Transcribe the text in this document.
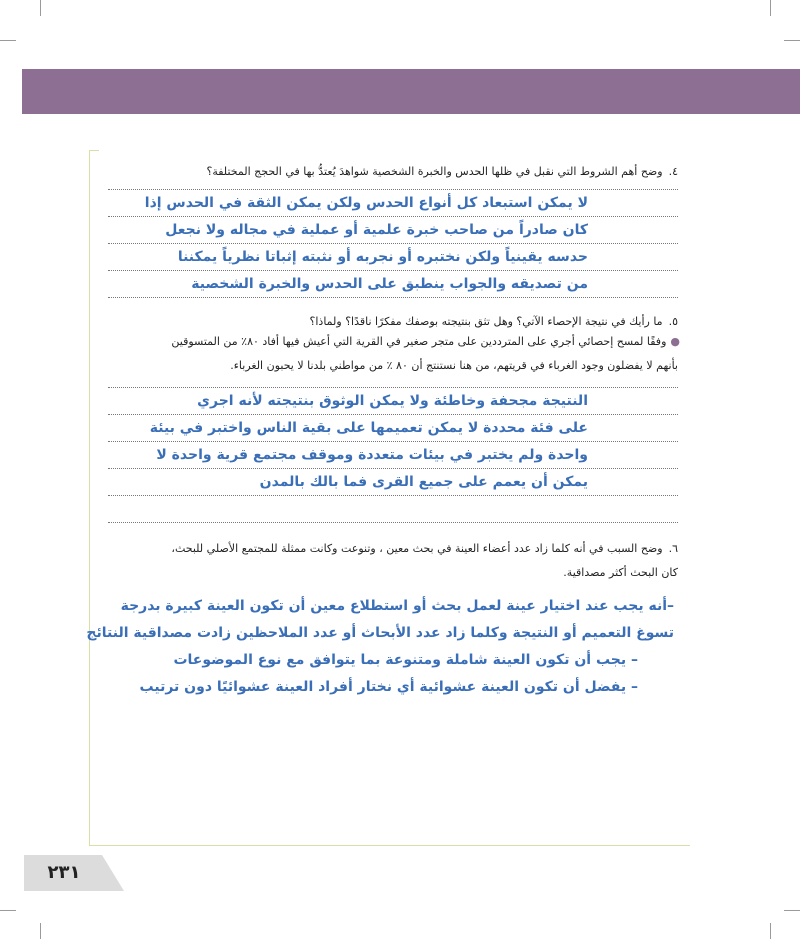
٤.وضح أهم الشروط التي نقبل في ظلها الحدس والخبرة الشخصية شواهدَ يُعتدُّ بها في الحجج المختلفة؟

لا يمكن استبعاد كل أنواع الحدس ولكن يمكن الثقة في الحدس إذا
كان صادراً من صاحب خبرة علمية أو عملية في مجاله ولا نجعل
حدسه يقينياً ولكن نختبره أو نجربه أو نثبته إثباتا نظرياً يمكننا
من تصديقه والجواب ينطبق على الحدس والخبرة الشخصية

٥.ما رأيك في نتيجة الإحصاء الآتي؟ وهل تثق بنتيجته بوصفك مفكرًا ناقدًا؟ ولماذا؟

●وفقًا لمسح إحصائي أجري على المترددين على متجر صغير في القرية التي أعيش فيها أفاد ٨٠٪ من المتسوقين

بأنهم لا يفضلون وجود الغرباء في قريتهم، من هنا نستنتج أن ٨٠ ٪ من مواطني بلدنا لا يحبون الغرباء.

النتيجة مجحفة وخاطئة ولا يمكن الوثوق بنتيجته لأنه اجري
على فئة محددة لا يمكن تعميمها على بقية الناس واختبر في بيئة
واحدة ولم يختبر في بيئات متعددة وموقف مجتمع قرية واحدة لا
يمكن أن يعمم على جميع القرى فما بالك بالمدن

٦.وضح السبب في أنه كلما زاد عدد أعضاء العينة في بحث معين ، وتنوعت وكانت ممثلة للمجتمع الأصلي للبحث،

كان البحث أكثر مصداقية.

–أنه يجب عند اختيار عينة لعمل بحث أو استطلاع معين أن تكون العينة كبيرة بدرجة
تسوغ التعميم أو النتيجة وكلما زاد عدد الأبحاث أو عدد الملاحظين زادت مصداقية النتائج
– يجب أن تكون العينة شاملة ومتنوعة بما يتوافق مع نوع الموضوعات
– يفضل أن تكون العينة عشوائية أي نختار أفراد العينة عشوائيًا دون ترتيب
٢٣١
